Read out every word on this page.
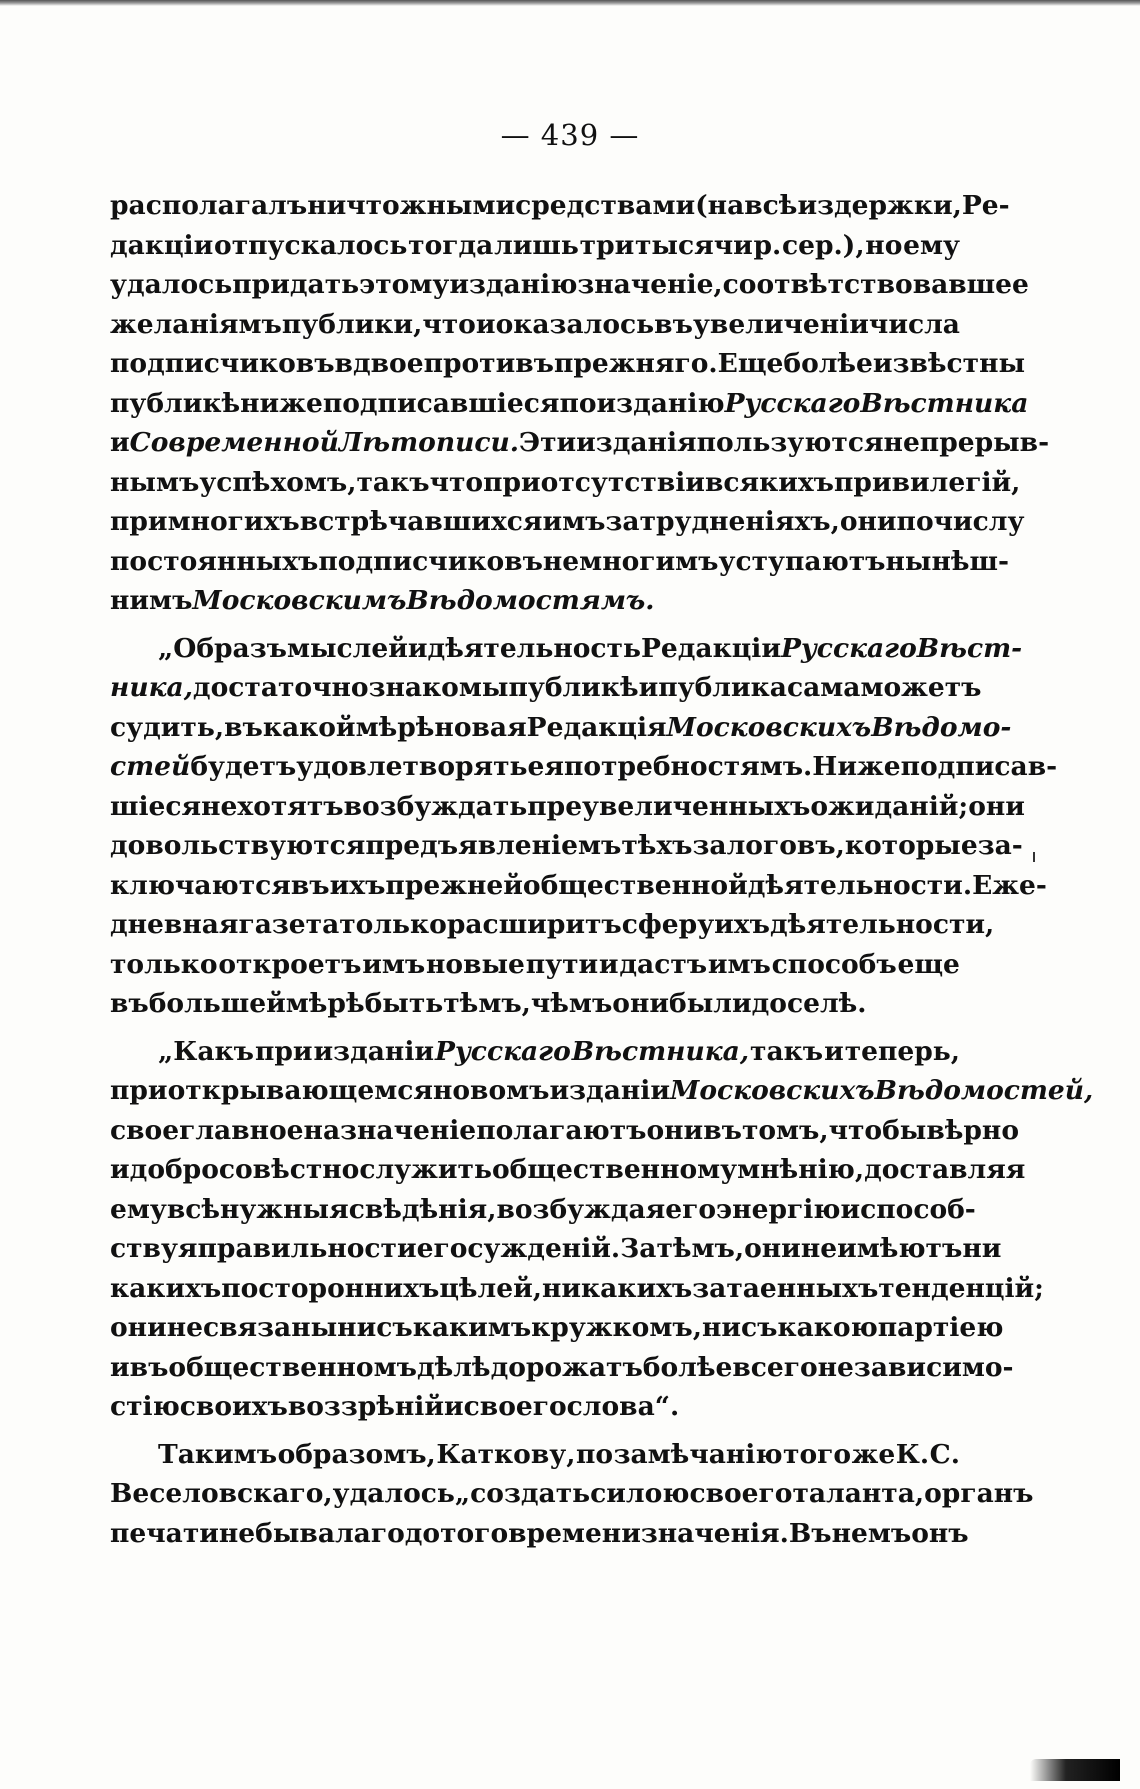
— 439 —
располагалъ ничтожными средствами (на всѣ издержки, Ре-
дакціи отпускалось тогда лишь три тысячи р. сер.), но ему
удалось придать этому изданію значеніе, соотвѣтствовавшее
желаніямъ публики, что и оказалось въ увеличеніи числа
подписчиковъ вдвое противъ прежняго. Еще болѣе извѣстны
публикѣ нижеподписавшіеся по изданію Русскаго Вѣстника
и Современной Лѣтописи. Эти изданія пользуются непрерыв-
нымъ успѣхомъ, такъ что при отсутствіи всякихъ привилегій,
при многихъ встрѣчавшихся имъ затрудненіяхъ, они по числу
постоянныхъ подписчиковъ не многимъ уступаютъ нынѣш-
нимъ Московскимъ Вѣдомостямъ.
„Образъ мыслей и дѣятельность Редакціи Русскаго Вѣст-
ника, достаточно знакомы публикѣ и публика сама можетъ
судить, въ какой мѣрѣ новая Редакція Московскихъ Вѣдомо-
стей будетъ удовлетворять ея потребностямъ. Нижеподписав-
шіеся не хотятъ возбуждать преувеличенныхъ ожиданій; они
довольствуются предъявленіемъ тѣхъ залоговъ, которые за-
ключаются въ ихъ прежней общественной дѣятельности. Еже-
дневная газета только расширитъ сферу ихъ дѣятельности,
только откроетъ имъ новые пути и дастъ имъ способъ еще
въ большей мѣрѣ быть тѣмъ, чѣмъ они были доселѣ.
„Какъ при изданіи Русскаго Вѣстника, такъ и теперь,
при открывающемся новомъ изданіи Московскихъ Вѣдомостей,
свое главное назначеніе полагаютъ они въ томъ, чтобы вѣрно
и добросовѣстно служить общественному мнѣнію, доставляя
ему всѣ нужныя свѣдѣнія, возбуждая его энергію и способ-
ствуя правильности его сужденій. Затѣмъ, они не имѣютъ ни
какихъ постороннихъ цѣлей, никакихъ затаенныхъ тенденцій;
они не связаны ни съ какимъ кружкомъ, ни съ какою партіею
и въ общественномъ дѣлѣ дорожатъ болѣе всего независимо-
стію своихъ воззрѣній и своего слова“.
Такимъ образомъ, Каткову, по замѣчанію того же К. С.
Веселовскаго, удалось „создать силою своего таланта, органъ
печати небывалаго до того времени значенія. Въ немъ онъ
